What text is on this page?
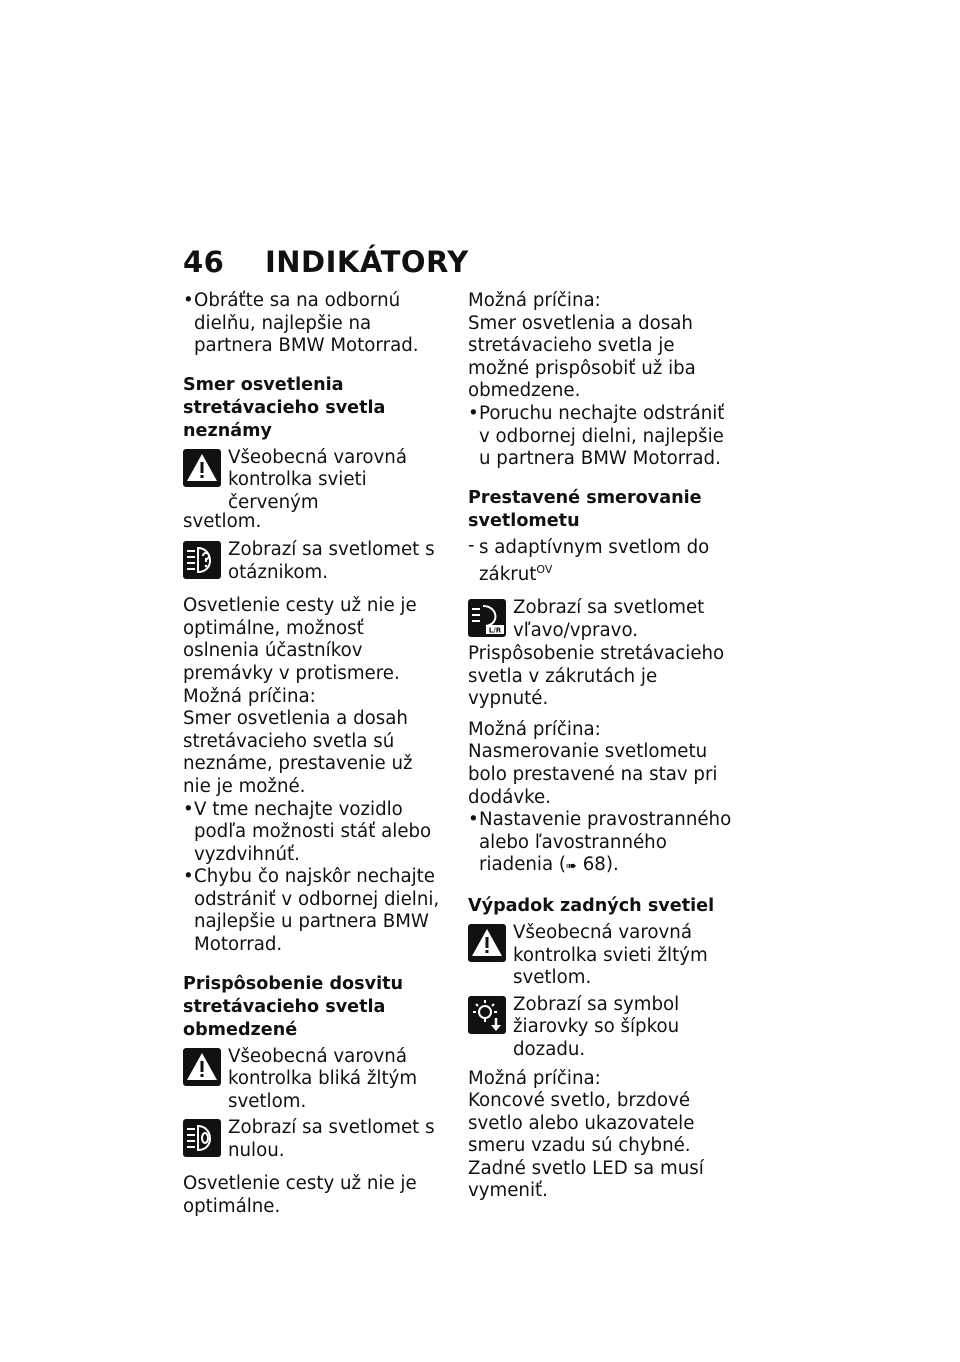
46	INDIKÁTORY

• Obráťte sa na odbornú dielňu, najlepšie na partnera BMW Motorrad.

Smer osvetlenia stretávacieho svetla neznámy

Všeobecná varovná kontrolka svieti červeným

svetlom.

Zobrazí sa svetlomet s otáznikom.

Osvetlenie cesty už nie je optimálne, možnosť oslnenia účastníkov premávky v protismere.

Možná príčina:

Smer osvetlenia a dosah stretávacieho svetla sú neznáme, prestavenie už nie je možné.

• V tme nechajte vozidlo podľa možnosti stáť alebo vyzdvihnúť.

• Chybu čo najskôr nechajte odstrániť v odbornej dielni, najlepšie u partnera BMW Motorrad.

Prispôsobenie dosvitu stretávacieho svetla obmedzené

Všeobecná varovná kontrolka bliká žltým svetlom.

Zobrazí sa svetlomet s nulou.

Osvetlenie cesty už nie je optimálne.

Možná príčina:

Smer osvetlenia a dosah stretávacieho svetla je možné prispôsobiť už iba obmedzene.

• Poruchu nechajte odstrániť v odbornej dielni, najlepšie u partnera BMW Motorrad.

Prestavené smerovanie svetlometu

- s adaptívnym svetlom do zákrut$^{OV}$

L/R

Zobrazí sa svetlomet vľavo/vpravo.

Prispôsobenie stretávacieho svetla v zákrutách je vypnuté.

Možná príčina:

Nasmerovanie svetlometu bolo prestavené na stav pri dodávke.

• Nastavenie pravostranného alebo ľavostranného riadenia (➠ 68).

Výpadok zadných svetiel

Všeobecná varovná kontrolka svieti žltým svetlom.

Zobrazí sa symbol žiarovky so šípkou dozadu.

Možná príčina:

Koncové svetlo, brzdové svetlo alebo ukazovatele smeru vzadu sú chybné.

Zadné svetlo LED sa musí vymeniť.
